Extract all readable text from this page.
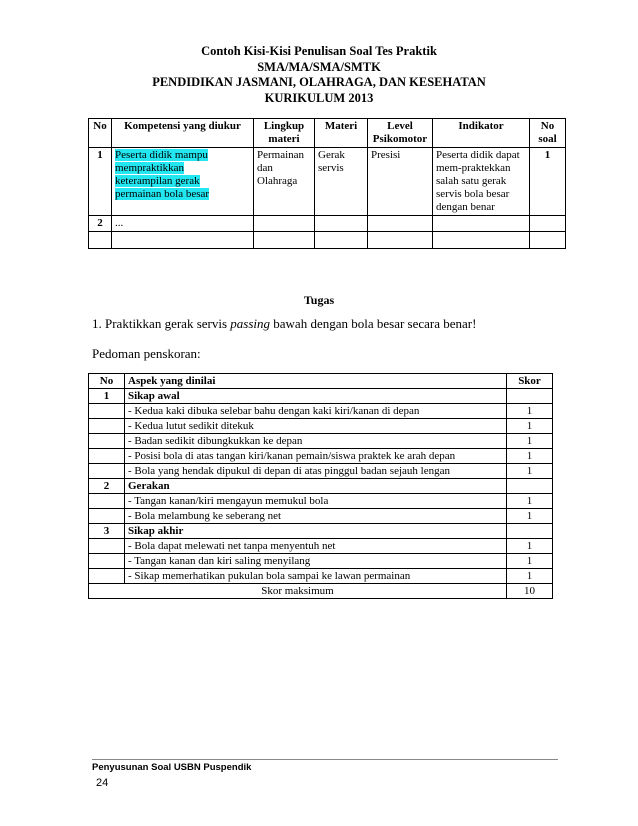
Contoh Kisi-Kisi Penulisan Soal Tes Praktik
SMA/MA/SMA/SMTK
PENDIDIKAN JASMANI, OLAHRAGA, DAN KESEHATAN
KURIKULUM 2013
No	Kompetensi yang diukur	Lingkup materi	Materi	Level Psikomotor	Indikator	No soal
1	Peserta didik mampu
mempraktikkan
keterampilan gerak
permainan bola besar	Permainan dan Olahraga	Gerak servis	Presisi	Peserta didik dapat mem-praktekkan salah satu gerak servis bola besar dengan benar	1
2	...					

Tugas
1. Praktikkan gerak servis passing bawah dengan bola besar secara benar!
Pedoman penskoran:
No	Aspek yang dinilai	Skor
1	Sikap awal	
	- Kedua kaki dibuka selebar bahu dengan kaki kiri/kanan di depan	1
	- Kedua lutut sedikit ditekuk	1
	- Badan sedikit dibungkukkan ke depan	1
	- Posisi bola di atas tangan kiri/kanan pemain/siswa praktek ke arah depan	1
	- Bola yang hendak dipukul di depan di atas pinggul badan sejauh lengan	1
2	Gerakan	
	- Tangan kanan/kiri mengayun memukul bola	1
	- Bola melambung ke seberang net	1
3	Sikap akhir	
	- Bola dapat melewati net tanpa menyentuh net	1
	- Tangan kanan dan kiri saling menyilang	1
	- Sikap memerhatikan pukulan bola sampai ke lawan permainan	1
Skor maksimum		10
Penyusunan Soal USBN Puspendik
24
